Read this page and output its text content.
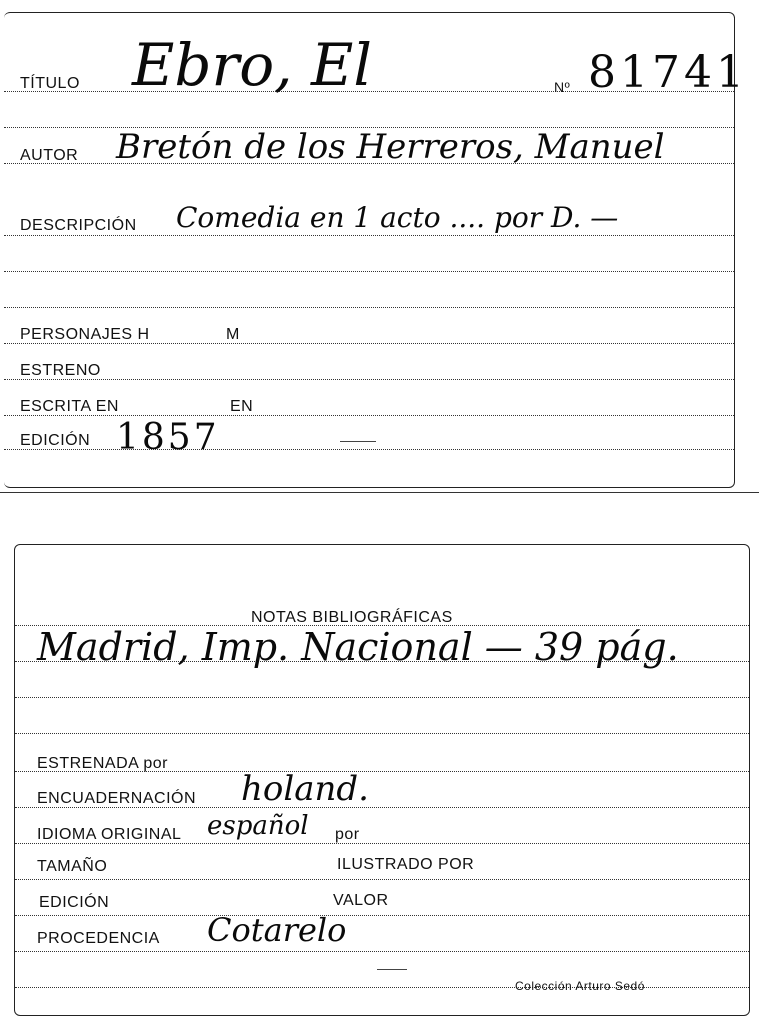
TÍTULO Ebro, El	Nº 81741
AUTOR Bretón de los Herreros, Manuel
DESCRIPCIÓN Comedia en 1 acto .... por D. —
PERSONAJES H	M
ESTRENO
ESCRITA EN	EN
EDICIÓN 1857
NOTAS BIBLIOGRÁFICAS
Madrid, Imp. Nacional — 39 pág.
ESTRENADA por
ENCUADERNACIÓN holand.
IDIOMA ORIGINAL español por
TAMAÑO	ILUSTRADO POR
EDICIÓN	VALOR
PROCEDENCIA Cotarelo
Colección Arturo Sedó
